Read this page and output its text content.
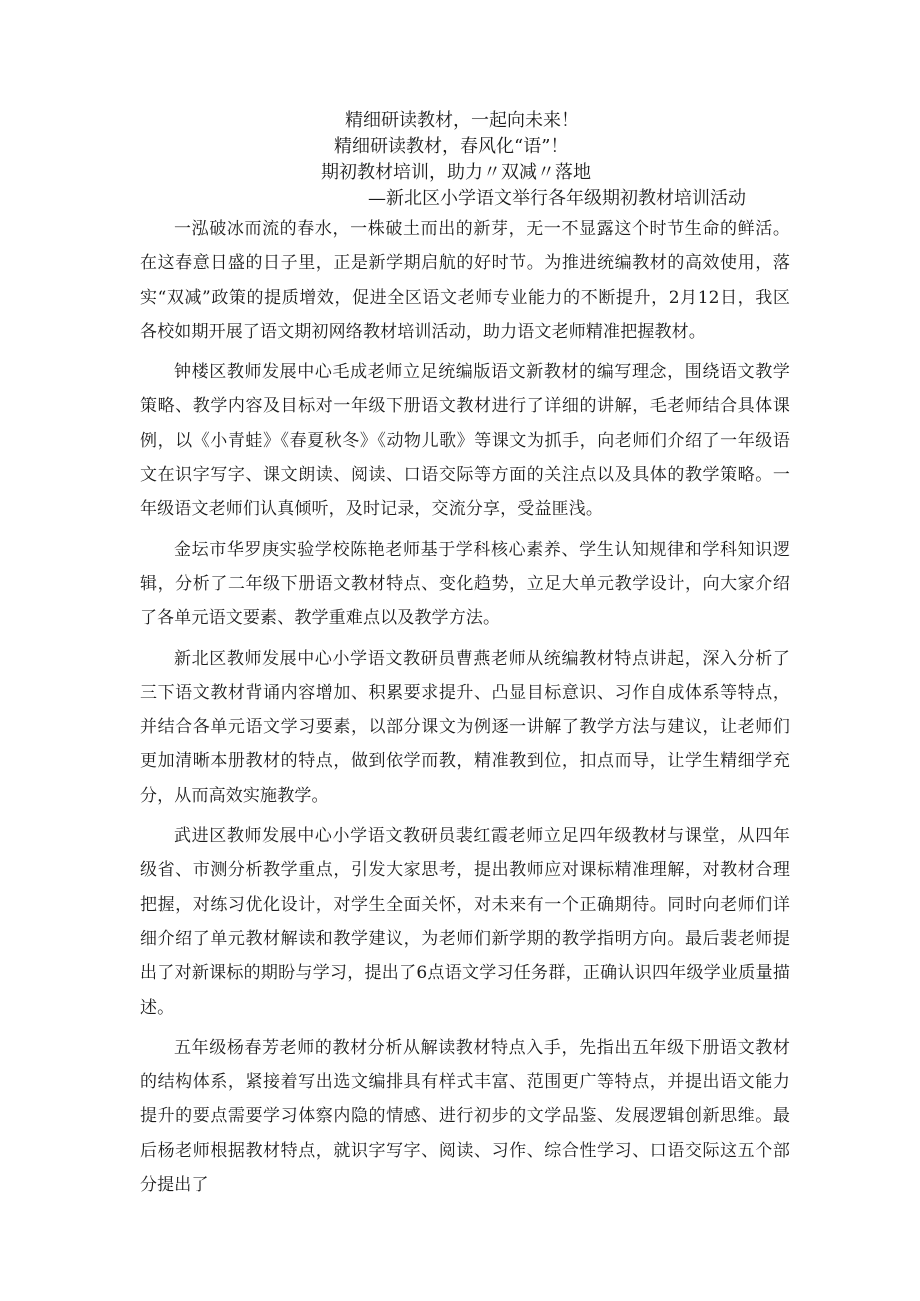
精细研读教材，一起向未来！
精细研读教材，春风化“语”！
期初教材培训，助力〃双减〃落地
—新北区小学语文举行各年级期初教材培训活动

一泓破冰而流的春水，一株破土而出的新芽，无一不显露这个时节生命的鲜活。在这春意日盛的日子里，正是新学期启航的好时节。为推进统编教材的高效使用，落实“双减”政策的提质增效，促进全区语文老师专业能力的不断提升，2月12日，我区各校如期开展了语文期初网络教材培训活动，助力语文老师精准把握教材。

钟楼区教师发展中心毛成老师立足统编版语文新教材的编写理念，围绕语文教学策略、教学内容及目标对一年级下册语文教材进行了详细的讲解，毛老师结合具体课例，以《小青蛙》《春夏秋冬》《动物儿歌》等课文为抓手，向老师们介绍了一年级语文在识字写字、课文朗读、阅读、口语交际等方面的关注点以及具体的教学策略。一年级语文老师们认真倾听，及时记录，交流分享，受益匪浅。

金坛市华罗庚实验学校陈艳老师基于学科核心素养、学生认知规律和学科知识逻辑，分析了二年级下册语文教材特点、变化趋势，立足大单元教学设计，向大家介绍了各单元语文要素、教学重难点以及教学方法。

新北区教师发展中心小学语文教研员曹燕老师从统编教材特点讲起，深入分析了三下语文教材背诵内容增加、积累要求提升、凸显目标意识、习作自成体系等特点，并结合各单元语文学习要素，以部分课文为例逐一讲解了教学方法与建议，让老师们更加清晰本册教材的特点，做到依学而教，精准教到位，扣点而导，让学生精细学充分，从而高效实施教学。

武进区教师发展中心小学语文教研员裴红霞老师立足四年级教材与课堂，从四年级省、市测分析教学重点，引发大家思考，提出教师应对课标精准理解，对教材合理把握，对练习优化设计，对学生全面关怀，对未来有一个正确期待。同时向老师们详细介绍了单元教材解读和教学建议，为老师们新学期的教学指明方向。最后裴老师提出了对新课标的期盼与学习，提出了6点语文学习任务群，正确认识四年级学业质量描述。

五年级杨春芳老师的教材分析从解读教材特点入手，先指出五年级下册语文教材的结构体系，紧接着写出选文编排具有样式丰富、范围更广等特点，并提出语文能力提升的要点需要学习体察内隐的情感、进行初步的文学品鉴、发展逻辑创新思维。最后杨老师根据教材特点，就识字写字、阅读、习作、综合性学习、口语交际这五个部分提出了
